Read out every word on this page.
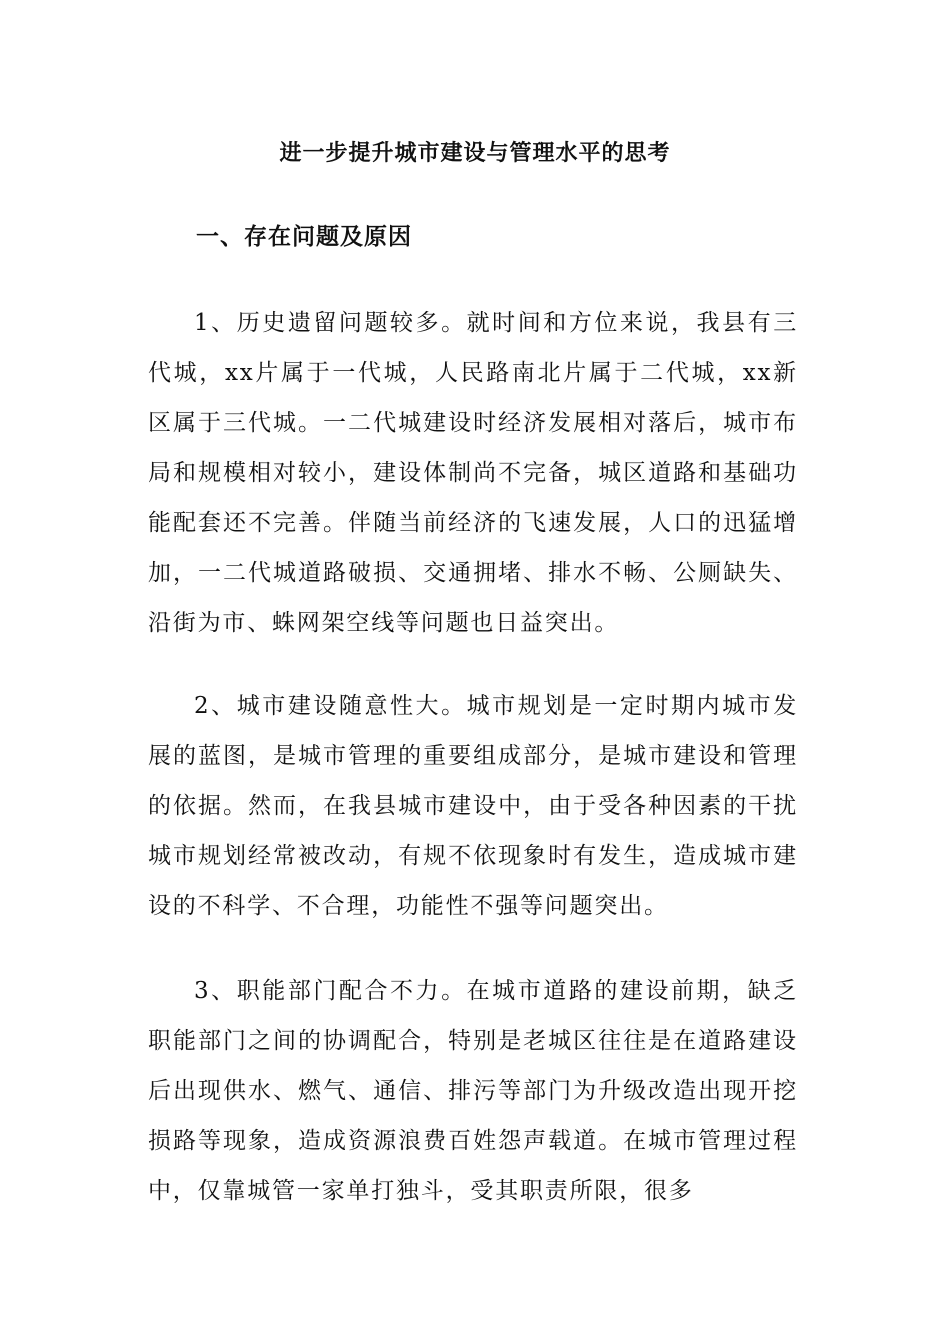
进一步提升城市建设与管理水平的思考
一、存在问题及原因

1、历史遗留问题较多。就时间和方位来说，我县有三代城，xx片属于一代城，人民路南北片属于二代城，xx新区属于三代城。一二代城建设时经济发展相对落后，城市布局和规模相对较小，建设体制尚不完备，城区道路和基础功能配套还不完善。伴随当前经济的飞速发展，人口的迅猛增加，一二代城道路破损、交通拥堵、排水不畅、公厕缺失、沿街为市、蛛网架空线等问题也日益突出。

2、城市建设随意性大。城市规划是一定时期内城市发展的蓝图，是城市管理的重要组成部分，是城市建设和管理的依据。然而，在我县城市建设中，由于受各种因素的干扰城市规划经常被改动，有规不依现象时有发生，造成城市建设的不科学、不合理，功能性不强等问题突出。

3、职能部门配合不力。在城市道路的建设前期，缺乏职能部门之间的协调配合，特别是老城区往往是在道路建设后出现供水、燃气、通信、排污等部门为升级改造出现开挖损路等现象，造成资源浪费百姓怨声载道。在城市管理过程中，仅靠城管一家单打独斗，受其职责所限，很多
